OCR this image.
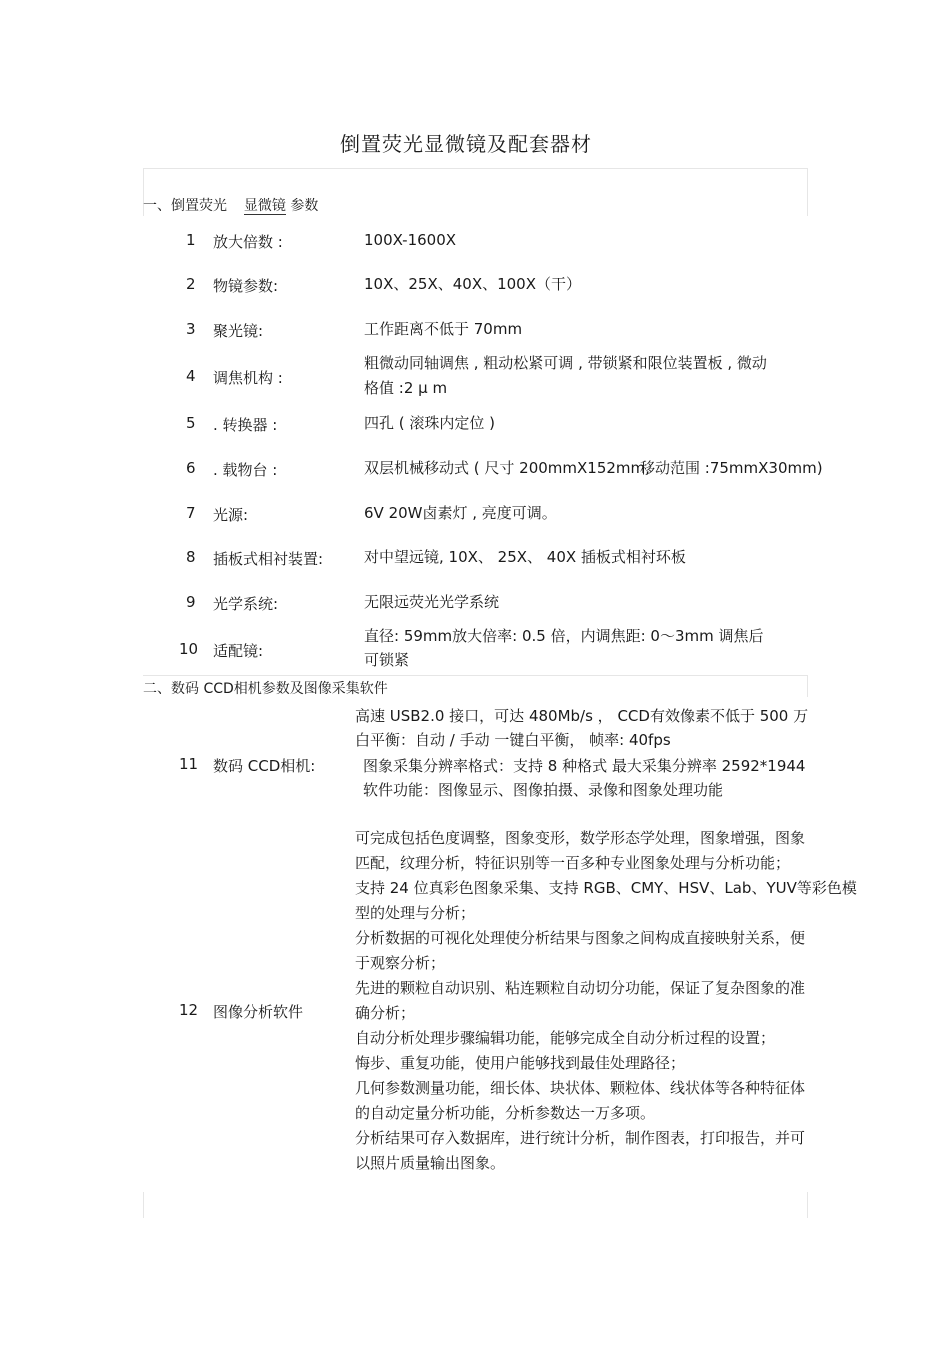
倒置荧光显微镜及配套器材
一、倒置荧光 显微镜 参数
1 放大倍数 :	100X-1600X
2 物镜参数:	10X、25X、40X、100X（干）
3 聚光镜:	工作距离不低于 70mm
4 调焦机构 :
粗微动同轴调焦 , 粗动松紧可调 , 带锁紧和限位装置板 , 微动
格值 :2 μ m
5 . 转换器 :	四孔 ( 滚珠内定位 )
6 . 载物台 :	双层机械移动式 ( 尺寸 200mmX152mm,
移动范围 :75mmX30mm)
7 光源:	6V 20W卤素灯 , 亮度可调。
8 插板式相衬装置:	对中望远镜, 10X、 25X、 40X 插板式相衬环板
9 光学系统:	无限远荧光光学系统
10 适配镜:
直径: 59mm放大倍率: 0.5 倍，内调焦距: 0～3mm 调焦后
可锁紧
二、数码 CCD相机参数及图像采集软件
11 数码 CCD相机:
高速 USB2.0 接口，可达 480Mb/s ， CCD有效像素不低于 500 万
白平衡：自动 / 手动 一键白平衡， 帧率: 40fps
图象采集分辨率格式：支持 8 种格式 最大采集分辨率 2592*1944
软件功能：图像显示、图像拍摄、录像和图象处理功能
12 图像分析软件
可完成包括色度调整，图象变形，数学形态学处理，图象增强，图象
匹配，纹理分析，特征识别等一百多种专业图象处理与分析功能；
支持 24 位真彩色图象采集、支持 RGB、CMY、HSV、Lab、YUV等彩色模
型的处理与分析；
分析数据的可视化处理使分析结果与图象之间构成直接映射关系，便
于观察分析；
先进的颗粒自动识别、粘连颗粒自动切分功能，保证了复杂图象的准
确分析；
自动分析处理步骤编辑功能，能够完成全自动分析过程的设置；
悔步、重复功能，使用户能够找到最佳处理路径；
几何参数测量功能，细长体、块状体、颗粒体、线状体等各种特征体
的自动定量分析功能，分析参数达一万多项。
分析结果可存入数据库，进行统计分析，制作图表，打印报告，并可
以照片质量输出图象。
